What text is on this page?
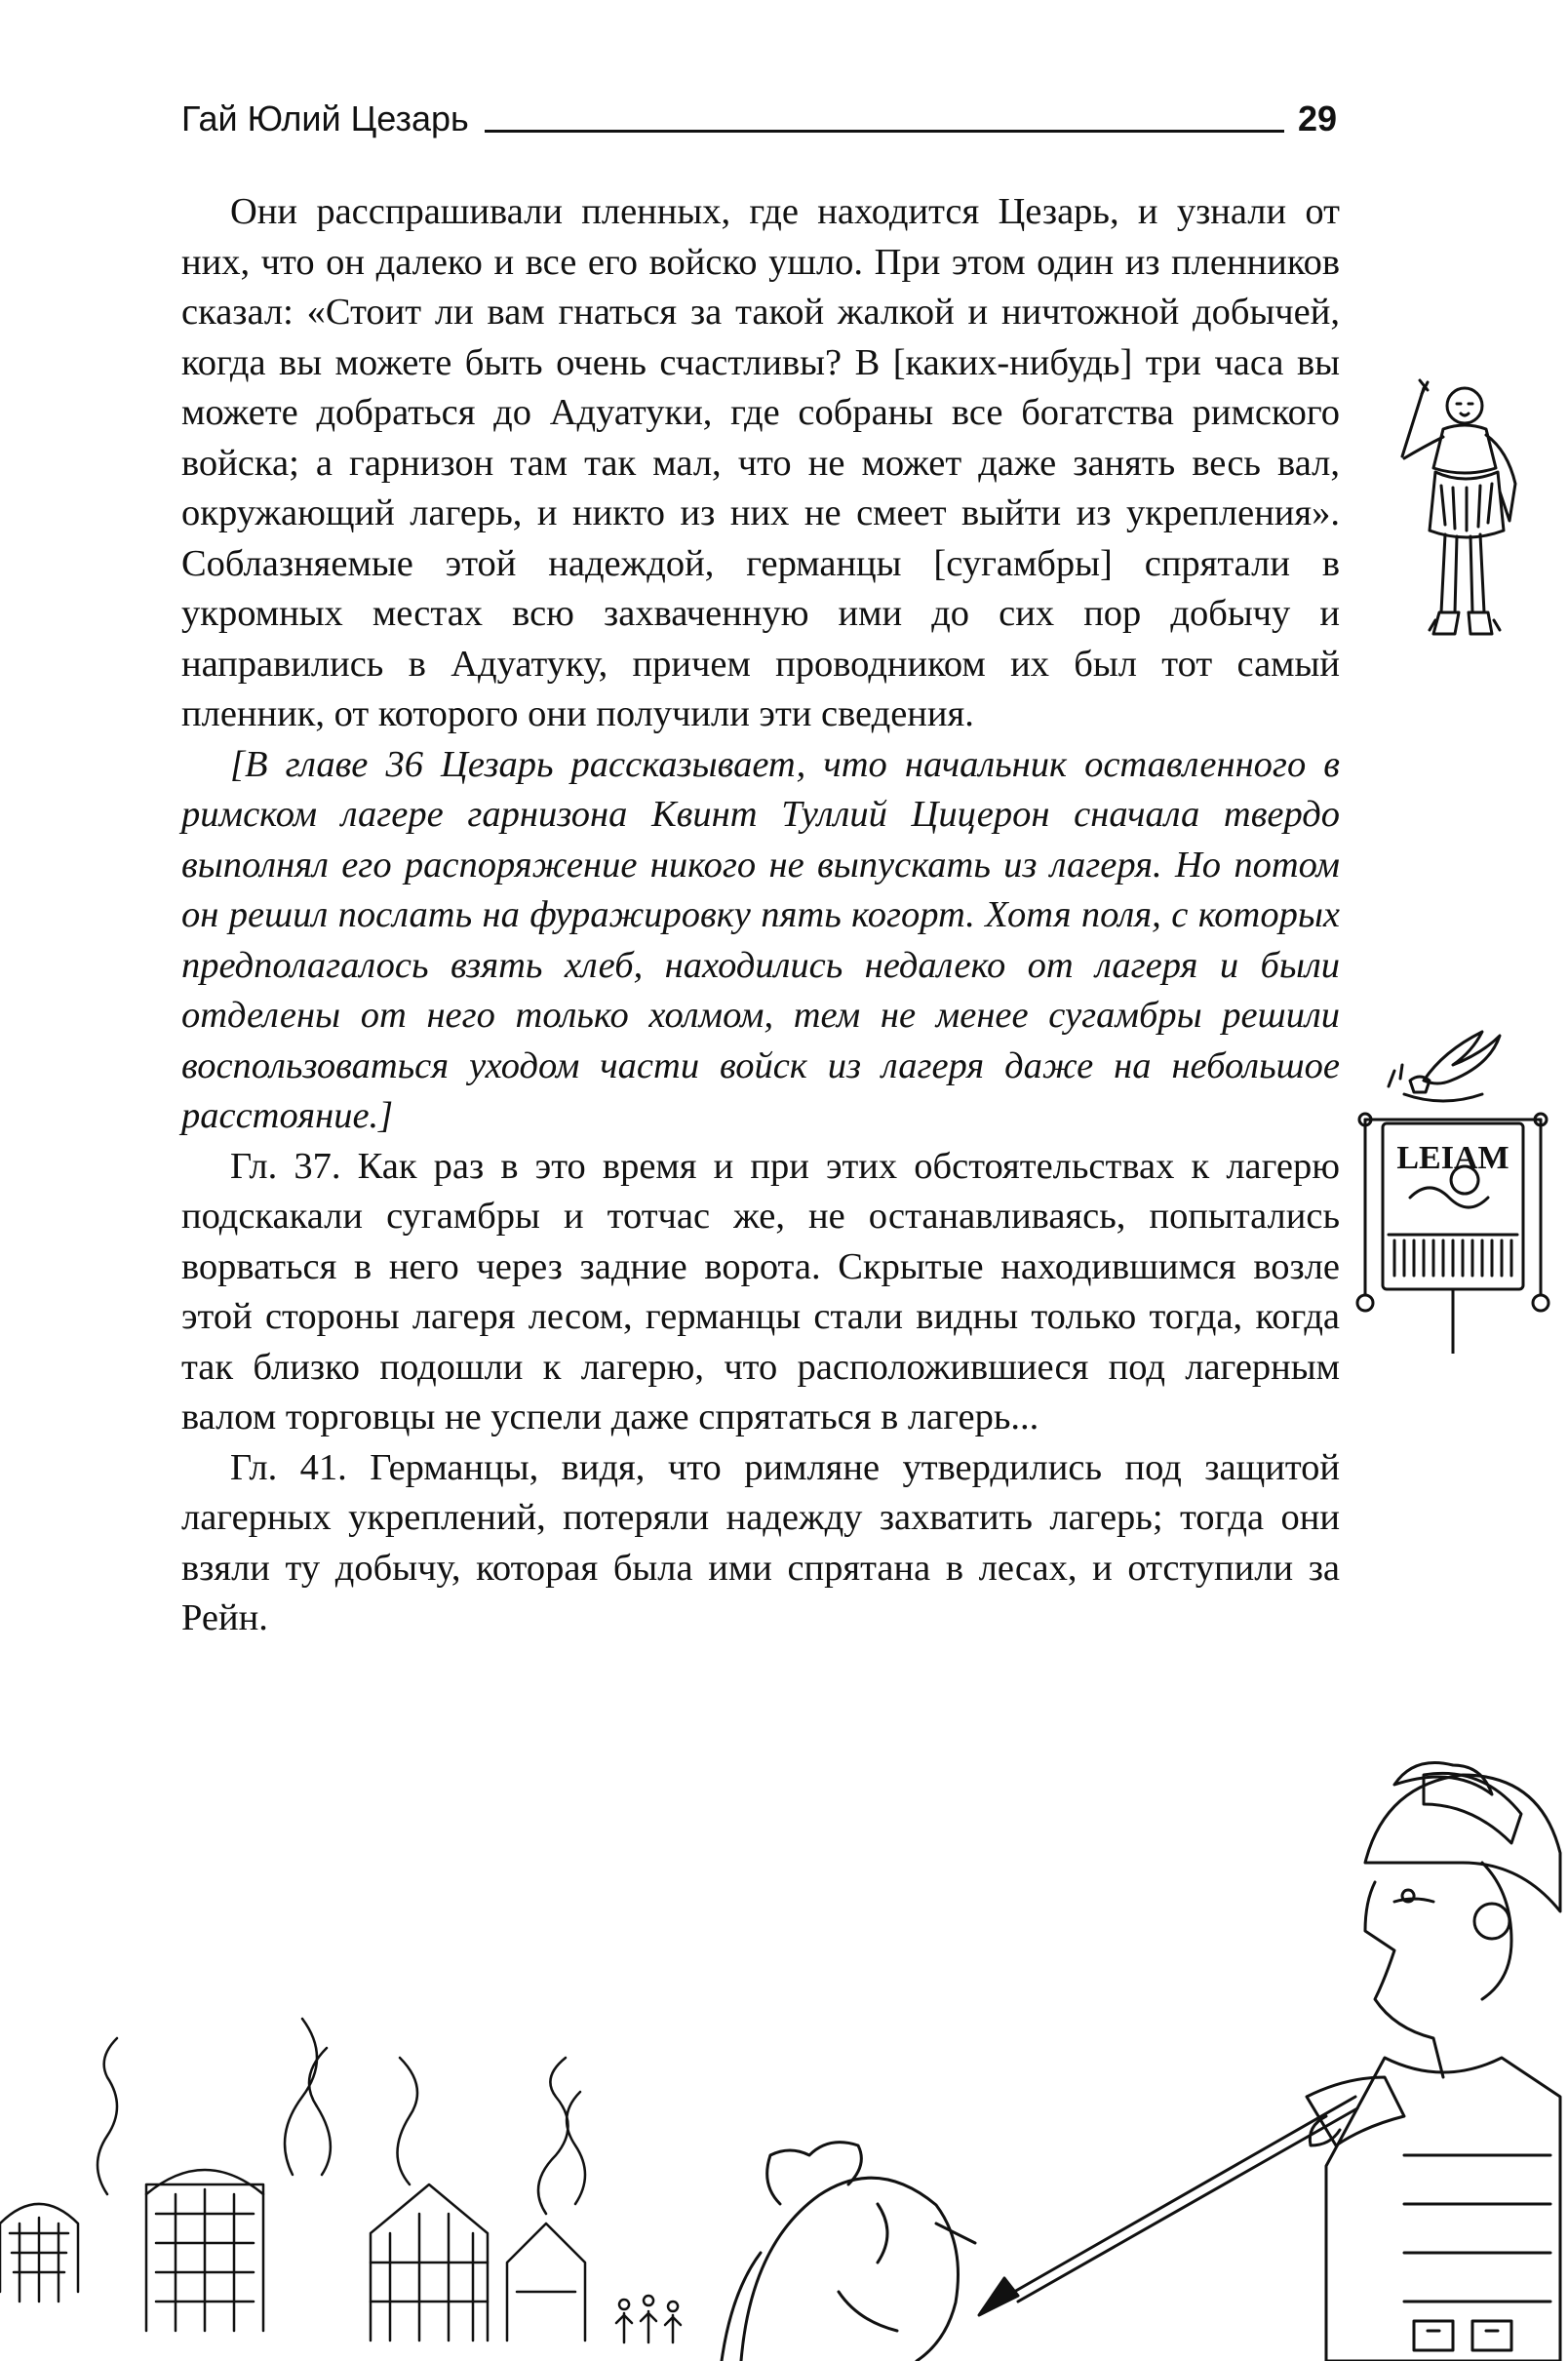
Гай Юлий Цезарь	29

Они расспрашивали пленных, где находится Цезарь, и узнали от них, что он далеко и все его войско ушло. При этом один из пленников сказал: «Стоит ли вам гнаться за такой жалкой и ничтожной добычей, когда вы можете быть очень счастливы? В [каких-нибудь] три часа вы можете добраться до Адуатуки, где собраны все богатства римского войска; а гарнизон там так мал, что не может даже занять весь вал, окружающий лагерь, и никто из них не смеет выйти из укрепления». Соблазняемые этой надеждой, германцы [сугамбры] спрятали в укромных местах всю захваченную ими до сих пор добычу и направились в Адуатуку, причем проводником их был тот самый пленник, от которого они получили эти сведения.

[В главе 36 Цезарь рассказывает, что начальник оставленного в римском лагере гарнизона Квинт Туллий Цицерон сначала твердо выполнял его распоряжение никого не выпускать из лагеря. Но потом он решил послать на фуражировку пять когорт. Хотя поля, с которых предполагалось взять хлеб, находились недалеко от лагеря и были отделены от него только холмом, тем не менее сугамбры решили воспользоваться уходом части войск из лагеря даже на небольшое расстояние.]

Гл. 37. Как раз в это время и при этих обстоятельствах к лагерю подскакали сугамбры и тотчас же, не останавливаясь, попытались ворваться в него через задние ворота. Скрытые находившимся возле этой стороны лагеря лесом, германцы стали видны только тогда, когда так близко подошли к лагерю, что расположившиеся под лагерным валом торговцы не успели даже спрятаться в лагерь...

Гл. 41. Германцы, видя, что римляне утвердились под защитой лагерных укреплений, потеряли надежду захватить лагерь; тогда они взяли ту добычу, которая была ими спрятана в лесах, и отступили за Рейн.

LEIAM
